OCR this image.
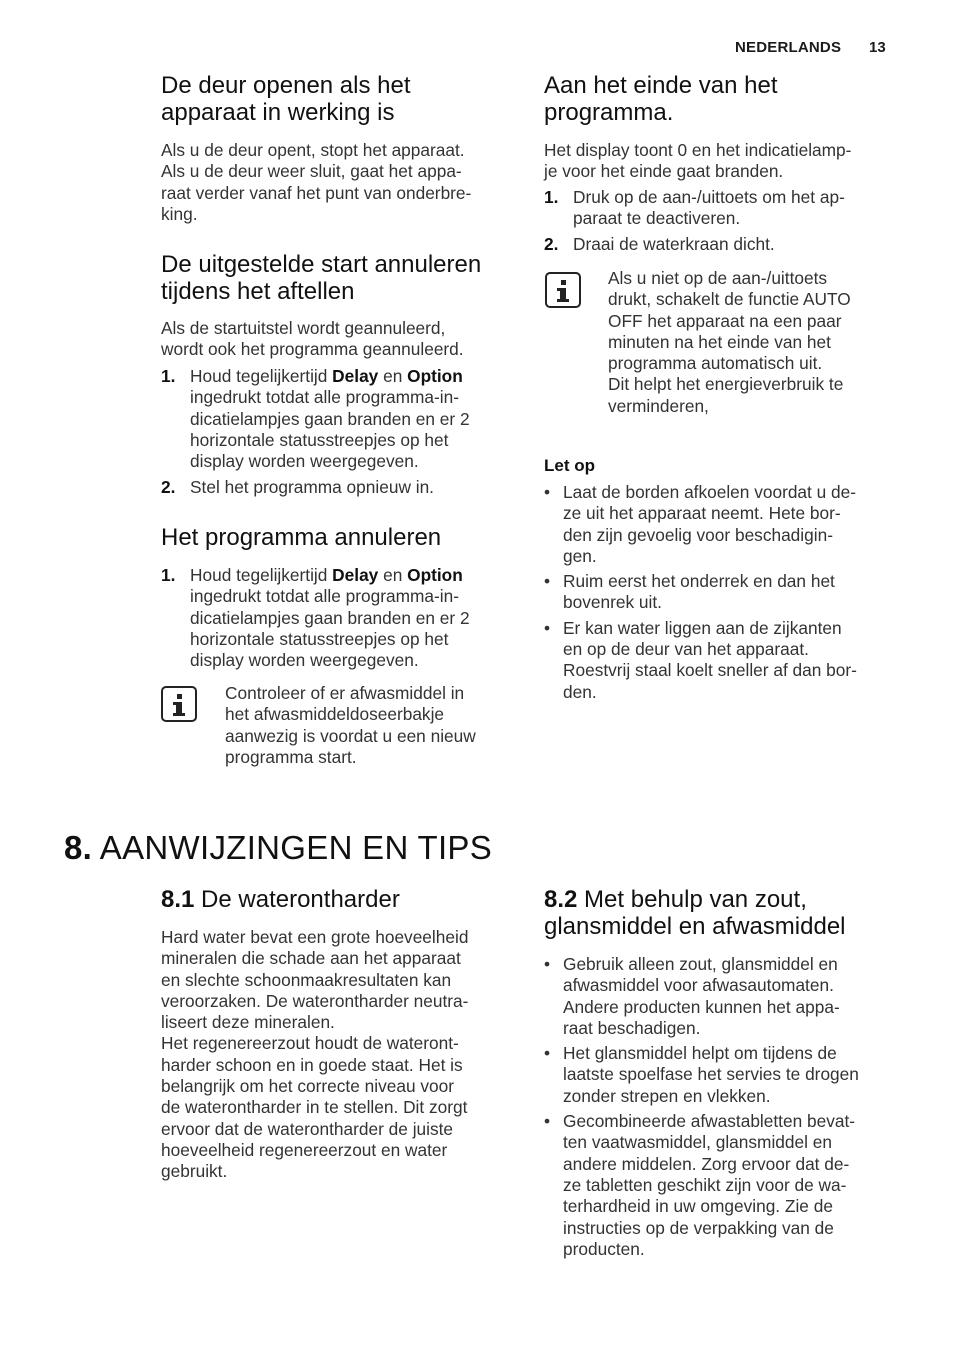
NEDERLANDS 13
De deur openen als het
apparaat in werking is

Als u de deur opent, stopt het apparaat.
Als u de deur weer sluit, gaat het appa-
raat verder vanaf het punt van onderbre-
king.

De uitgestelde start annuleren
tijdens het aftellen

Als de startuitstel wordt geannuleerd,
wordt ook het programma geannuleerd.

1. Houd tegelijkertijd Delay en Option
ingedrukt totdat alle programma-in-
dicatielampjes gaan branden en er 2
horizontale statusstreepjes op het
display worden weergegeven.
2. Stel het programma opnieuw in.
Het programma annuleren
1. Houd tegelijkertijd Delay en Option
ingedrukt totdat alle programma-in-
dicatielampjes gaan branden en er 2
horizontale statusstreepjes op het
display worden weergegeven.

Controleer of er afwasmiddel in
het afwasmiddeldoseerbakje
aanwezig is voordat u een nieuw
programma start.

Aan het einde van het
programma.

Het display toont 0 en het indicatielamp-
je voor het einde gaat branden.

1. Druk op de aan-/uittoets om het ap-
paraat te deactiveren.
2. Draai de waterkraan dicht.

Als u niet op de aan-/uittoets
drukt, schakelt de functie AUTO
OFF het apparaat na een paar
minuten na het einde van het
programma automatisch uit.
Dit helpt het energieverbruik te
verminderen,

Let op
• Laat de borden afkoelen voordat u de-
ze uit het apparaat neemt. Hete bor-
den zijn gevoelig voor beschadigin-
gen.
• Ruim eerst het onderrek en dan het
bovenrek uit.
• Er kan water liggen aan de zijkanten
en op de deur van het apparaat.
Roestvrij staal koelt sneller af dan bor-
den.
8. AANWIJZINGEN EN TIPS
8.1 De waterontharder

Hard water bevat een grote hoeveelheid
mineralen die schade aan het apparaat
en slechte schoonmaakresultaten kan
veroorzaken. De waterontharder neutra-
liseert deze mineralen.
Het regenereerzout houdt de wateront-
harder schoon en in goede staat. Het is
belangrijk om het correcte niveau voor
de waterontharder in te stellen. Dit zorgt
ervoor dat de waterontharder de juiste
hoeveelheid regenereerzout en water
gebruikt.

8.2 Met behulp van zout,
glansmiddel en afwasmiddel
• Gebruik alleen zout, glansmiddel en
afwasmiddel voor afwasautomaten.
Andere producten kunnen het appa-
raat beschadigen.
• Het glansmiddel helpt om tijdens de
laatste spoelfase het servies te drogen
zonder strepen en vlekken.
• Gecombineerde afwastabletten bevat-
ten vaatwasmiddel, glansmiddel en
andere middelen. Zorg ervoor dat de-
ze tabletten geschikt zijn voor de wa-
terhardheid in uw omgeving. Zie de
instructies op de verpakking van de
producten.
